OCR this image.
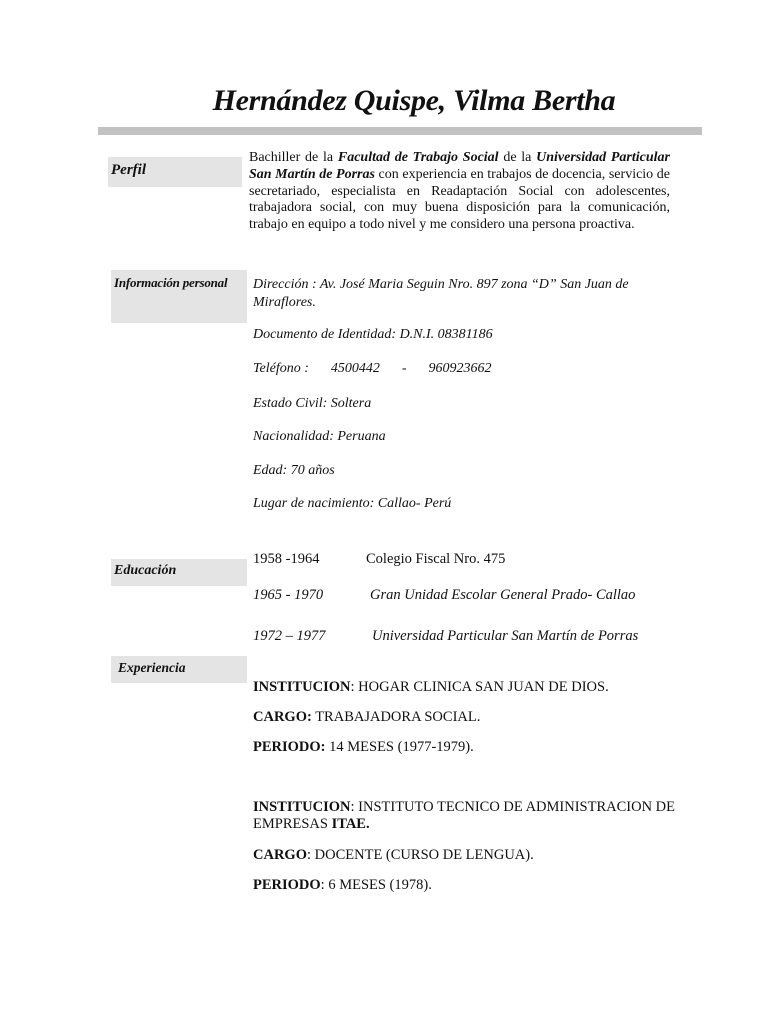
Hernández Quispe, Vilma Bertha
Perfil
Bachiller de la Facultad de Trabajo Social de la Universidad Particular San Martín de Porras con experiencia en trabajos de docencia, servicio de secretariado, especialista en Readaptación Social con adolescentes, trabajadora social, con muy buena disposición para la comunicación, trabajo en equipo a todo nivel y me considero una persona proactiva.
Información personal	Dirección : Av. José Maria Seguin Nro. 897 zona “D” San Juan de Miraflores.
Documento de Identidad: D.N.I. 08381186
Teléfono : 4500442 - 960923662
Estado Civil: Soltera
Nacionalidad: Peruana
Edad: 70 años
Lugar de nacimiento: Callao- Perú
Educación
1958 -1964	Colegio Fiscal Nro. 475
1965 - 1970	Gran Unidad Escolar General Prado- Callao
1972 – 1977	Universidad Particular San Martín de Porras
Experiencia
INSTITUCION: HOGAR CLINICA SAN JUAN DE DIOS.
CARGO: TRABAJADORA SOCIAL.
PERIODO: 14 MESES (1977-1979).
INSTITUCION: INSTITUTO TECNICO DE ADMINISTRACION DE EMPRESAS ITAE.
CARGO: DOCENTE (CURSO DE LENGUA).
PERIODO: 6 MESES (1978).
